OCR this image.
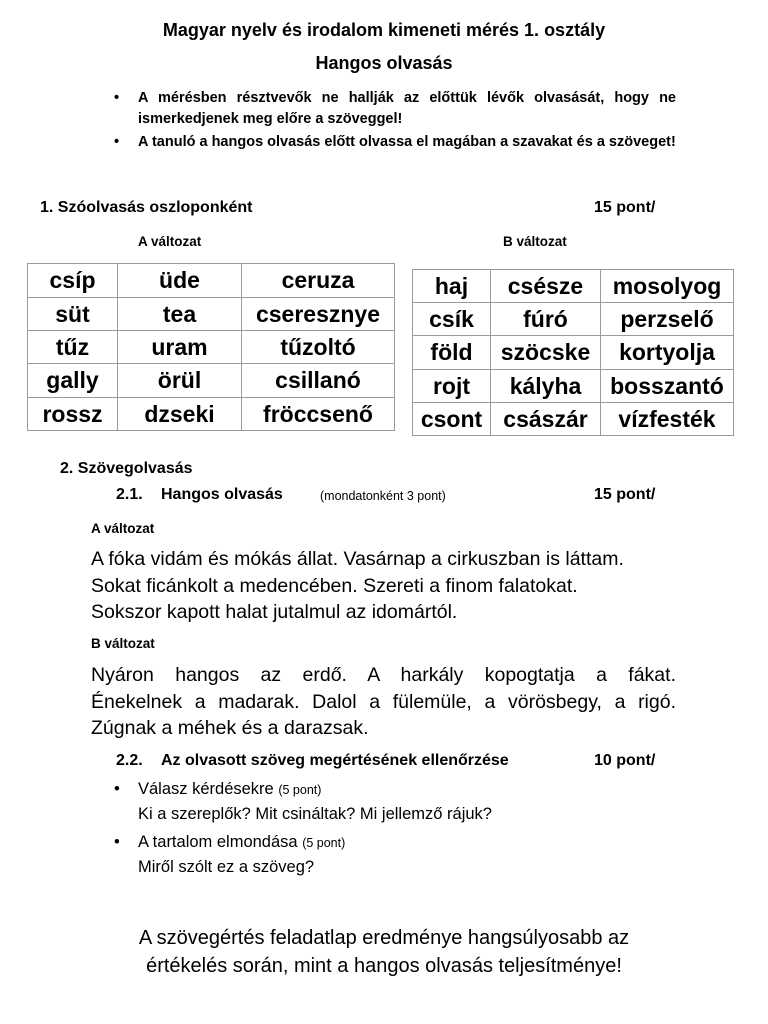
Magyar nyelv és irodalom kimeneti mérés 1. osztály
Hangos olvasás
• A mérésben résztvevők ne hallják az előttük lévők olvasását, hogy ne ismerkedjenek meg előre a szöveggel!
• A tanuló a hangos olvasás előtt olvassa el magában a szavakat és a szöveget!
1. Szóolvasás oszloponként	15 pont/
A változat	B változat
csíp	üde	ceruza
süt	tea	cseresznye
tűz	uram	tűzoltó
gally	örül	csillanó
rossz	dzseki	fröccsenő
haj	csésze	mosolyog
csík	fúró	perzselő
föld	szöcske	kortyolja
rojt	kályha	bosszantó
csont	császár	vízfesték
2. Szövegolvasás
2.1. Hangos olvasás	(mondatonként 3 pont)	15 pont/
A változat
A fóka vidám és mókás állat. Vasárnap a cirkuszban is láttam.
Sokat ficánkolt a medencében. Szereti a finom falatokat.
Sokszor kapott halat jutalmul az idomártól.
B változat
Nyáron hangos az erdő. A harkály kopogtatja a fákat.
Énekelnek a madarak. Dalol a fülemüle, a vörösbegy, a rigó.
Zúgnak a méhek és a darazsak.
2.2. Az olvasott szöveg megértésének ellenőrzése	10 pont/
• Válasz kérdésekre (5 pont)
Ki a szereplők? Mit csináltak? Mi jellemző rájuk?
• A tartalom elmondása (5 pont)
Miről szólt ez a szöveg?
A szövegértés feladatlap eredménye hangsúlyosabb az
értékelés során, mint a hangos olvasás teljesítménye!
